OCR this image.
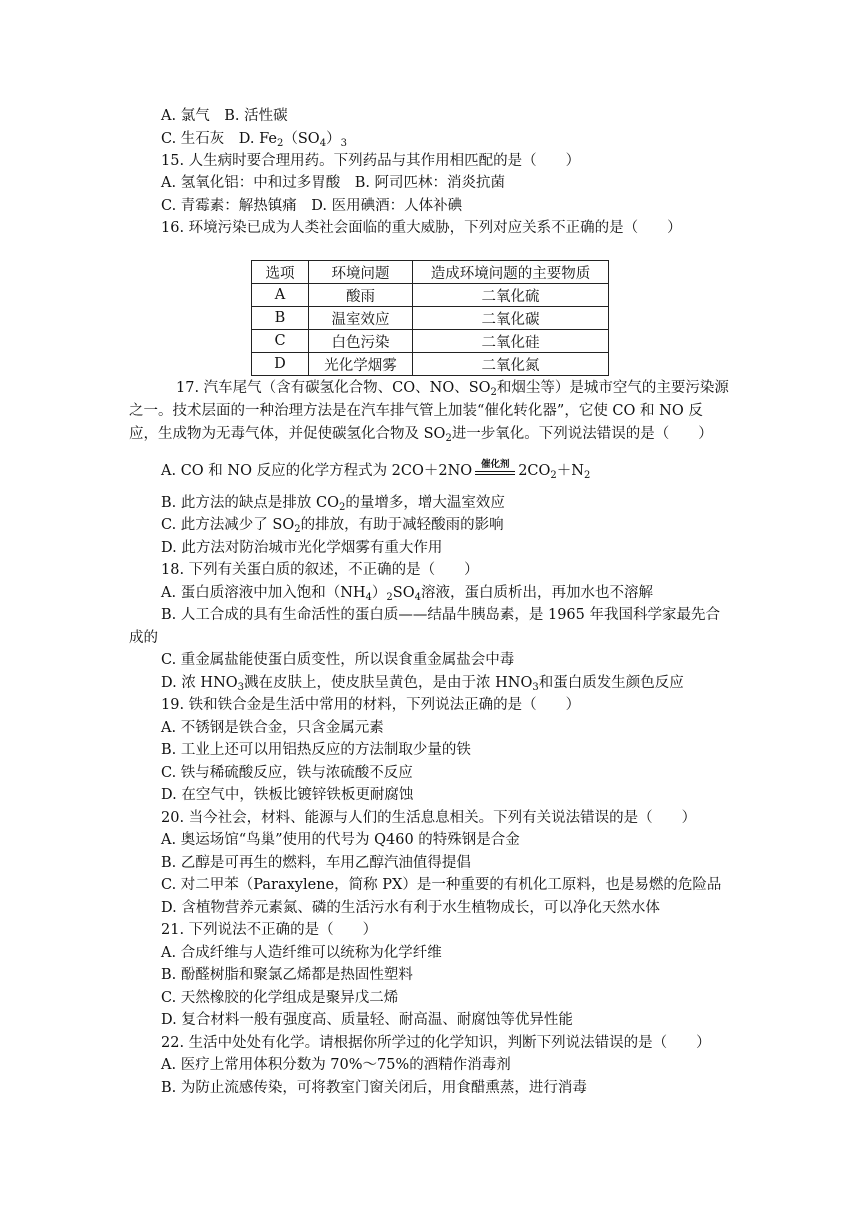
A. 氯气　B. 活性碳
C. 生石灰　D. $Fe_2(SO_4)_3$
15. 人生病时要合理用药。下列药品与其作用相匹配的是（　　）
A. 氢氧化铝：中和过多胃酸　B. 阿司匹林：消炎抗菌
C. 青霉素：解热镇痛　D. 医用碘酒：人体补碘
16. 环境污染已成为人类社会面临的重大威胁，下列对应关系不正确的是（　　）
选项	环境问题	造成环境问题的主要物质
A	酸雨	二氧化硫
B	温室效应	二氧化碳
C	白色污染	二氧化硅
D	光化学烟雾	二氧化氮
17. 汽车尾气（含有碳氢化合物、CO、NO、$SO_2$和烟尘等）是城市空气的主要污染源
之一。技术层面的一种治理方法是在汽车排气管上加装“催化转化器”，它使 CO 和 NO 反
应，生成物为无毒气体，并促使碳氢化合物及 $SO_2$进一步氧化。下列说法错误的是（　　）
A. CO 和 NO 反应的化学方程式为 2CO＋2NO 催化剂 $2CO_2+N_2$
B. 此方法的缺点是排放 $CO_2$的量增多，增大温室效应
C. 此方法减少了 $SO_2$的排放，有助于减轻酸雨的影响
D. 此方法对防治城市光化学烟雾有重大作用
18. 下列有关蛋白质的叙述，不正确的是（　　）
A. 蛋白质溶液中加入饱和$(NH_4)_2SO_4$溶液，蛋白质析出，再加水也不溶解
B. 人工合成的具有生命活性的蛋白质——结晶牛胰岛素，是 1965 年我国科学家最先合
成的
C. 重金属盐能使蛋白质变性，所以误食重金属盐会中毒
D. 浓 $HNO_3$溅在皮肤上，使皮肤呈黄色，是由于浓 $HNO_3$和蛋白质发生颜色反应
19. 铁和铁合金是生活中常用的材料，下列说法正确的是（　　）
A. 不锈钢是铁合金，只含金属元素
B. 工业上还可以用铝热反应的方法制取少量的铁
C. 铁与稀硫酸反应，铁与浓硫酸不反应
D. 在空气中，铁板比镀锌铁板更耐腐蚀
20. 当今社会，材料、能源与人们的生活息息相关。下列有关说法错误的是（　　）
A. 奥运场馆“鸟巢”使用的代号为 Q460 的特殊钢是合金
B. 乙醇是可再生的燃料，车用乙醇汽油值得提倡
C. 对二甲苯（Paraxylene，简称 PX）是一种重要的有机化工原料，也是易燃的危险品
D. 含植物营养元素氮、磷的生活污水有利于水生植物成长，可以净化天然水体
21. 下列说法不正确的是（　　）
A. 合成纤维与人造纤维可以统称为化学纤维
B. 酚醛树脂和聚氯乙烯都是热固性塑料
C. 天然橡胶的化学组成是聚异戊二烯
D. 复合材料一般有强度高、质量轻、耐高温、耐腐蚀等优异性能
22. 生活中处处有化学。请根据你所学过的化学知识，判断下列说法错误的是（　　）
A. 医疗上常用体积分数为 70%～75%的酒精作消毒剂
B. 为防止流感传染，可将教室门窗关闭后，用食醋熏蒸，进行消毒
